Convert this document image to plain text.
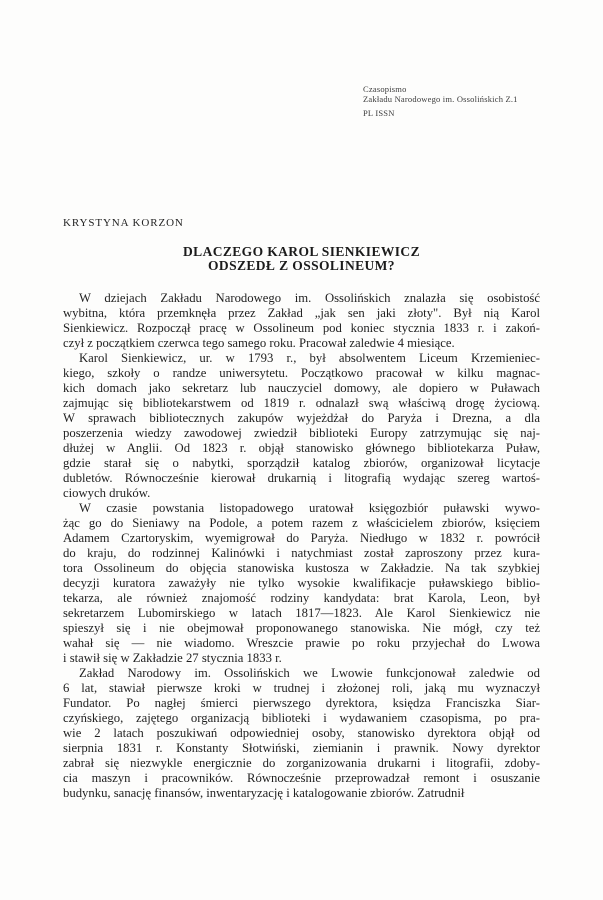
Czasopismo
Zakładu Narodowego im. Ossolińskich Z.1
PL ISSN
KRYSTYNA KORZON
DLACZEGO KAROL SIENKIEWICZ
ODSZEDŁ Z OSSOLINEUM?
W dziejach Zakładu Narodowego im. Ossolińskich znalazła się osobistość
wybitna, która przemknęła przez Zakład „jak sen jaki złoty". Był nią Karol
Sienkiewicz. Rozpoczął pracę w Ossolineum pod koniec stycznia 1833 r. i zakoń-
czył z początkiem czerwca tego samego roku. Pracował zaledwie 4 miesiące.
Karol Sienkiewicz, ur. w 1793 r., był absolwentem Liceum Krzemieniec-
kiego, szkoły o randze uniwersytetu. Początkowo pracował w kilku magnac-
kich domach jako sekretarz lub nauczyciel domowy, ale dopiero w Puławach
zajmując się bibliotekarstwem od 1819 r. odnalazł swą właściwą drogę życiową.
W sprawach bibliotecznych zakupów wyjeżdżał do Paryża i Drezna, a dla
poszerzenia wiedzy zawodowej zwiedził biblioteki Europy zatrzymując się naj-
dłużej w Anglii. Od 1823 r. objął stanowisko głównego bibliotekarza Puław,
gdzie starał się o nabytki, sporządził katalog zbiorów, organizował licytacje
dubletów. Równocześnie kierował drukarnią i litografią wydając szereg wartoś-
ciowych druków.
W czasie powstania listopadowego uratował księgozbiór puławski wywo-
żąc go do Sieniawy na Podole, a potem razem z właścicielem zbiorów, księciem
Adamem Czartoryskim, wyemigrował do Paryża. Niedługo w 1832 r. powrócił
do kraju, do rodzinnej Kalinówki i natychmiast został zaproszony przez kura-
tora Ossolineum do objęcia stanowiska kustosza w Zakładzie. Na tak szybkiej
decyzji kuratora zaważyły nie tylko wysokie kwalifikacje puławskiego biblio-
tekarza, ale również znajomość rodziny kandydata: brat Karola, Leon, był
sekretarzem Lubomirskiego w latach 1817—1823. Ale Karol Sienkiewicz nie
spieszył się i nie obejmował proponowanego stanowiska. Nie mógł, czy też
wahał się — nie wiadomo. Wreszcie prawie po roku przyjechał do Lwowa
i stawił się w Zakładzie 27 stycznia 1833 r.
Zakład Narodowy im. Ossolińskich we Lwowie funkcjonował zaledwie od
6 lat, stawiał pierwsze kroki w trudnej i złożonej roli, jaką mu wyznaczył
Fundator. Po nagłej śmierci pierwszego dyrektora, księdza Franciszka Siar-
czyńskiego, zajętego organizacją biblioteki i wydawaniem czasopisma, po pra-
wie 2 latach poszukiwań odpowiedniej osoby, stanowisko dyrektora objął od
sierpnia 1831 r. Konstanty Słotwiński, ziemianin i prawnik. Nowy dyrektor
zabrał się niezwykle energicznie do zorganizowania drukarni i litografii, zdoby-
cia maszyn i pracowników. Równocześnie przeprowadzał remont i osuszanie
budynku, sanację finansów, inwentaryzację i katalogowanie zbiorów. Zatrudnił
